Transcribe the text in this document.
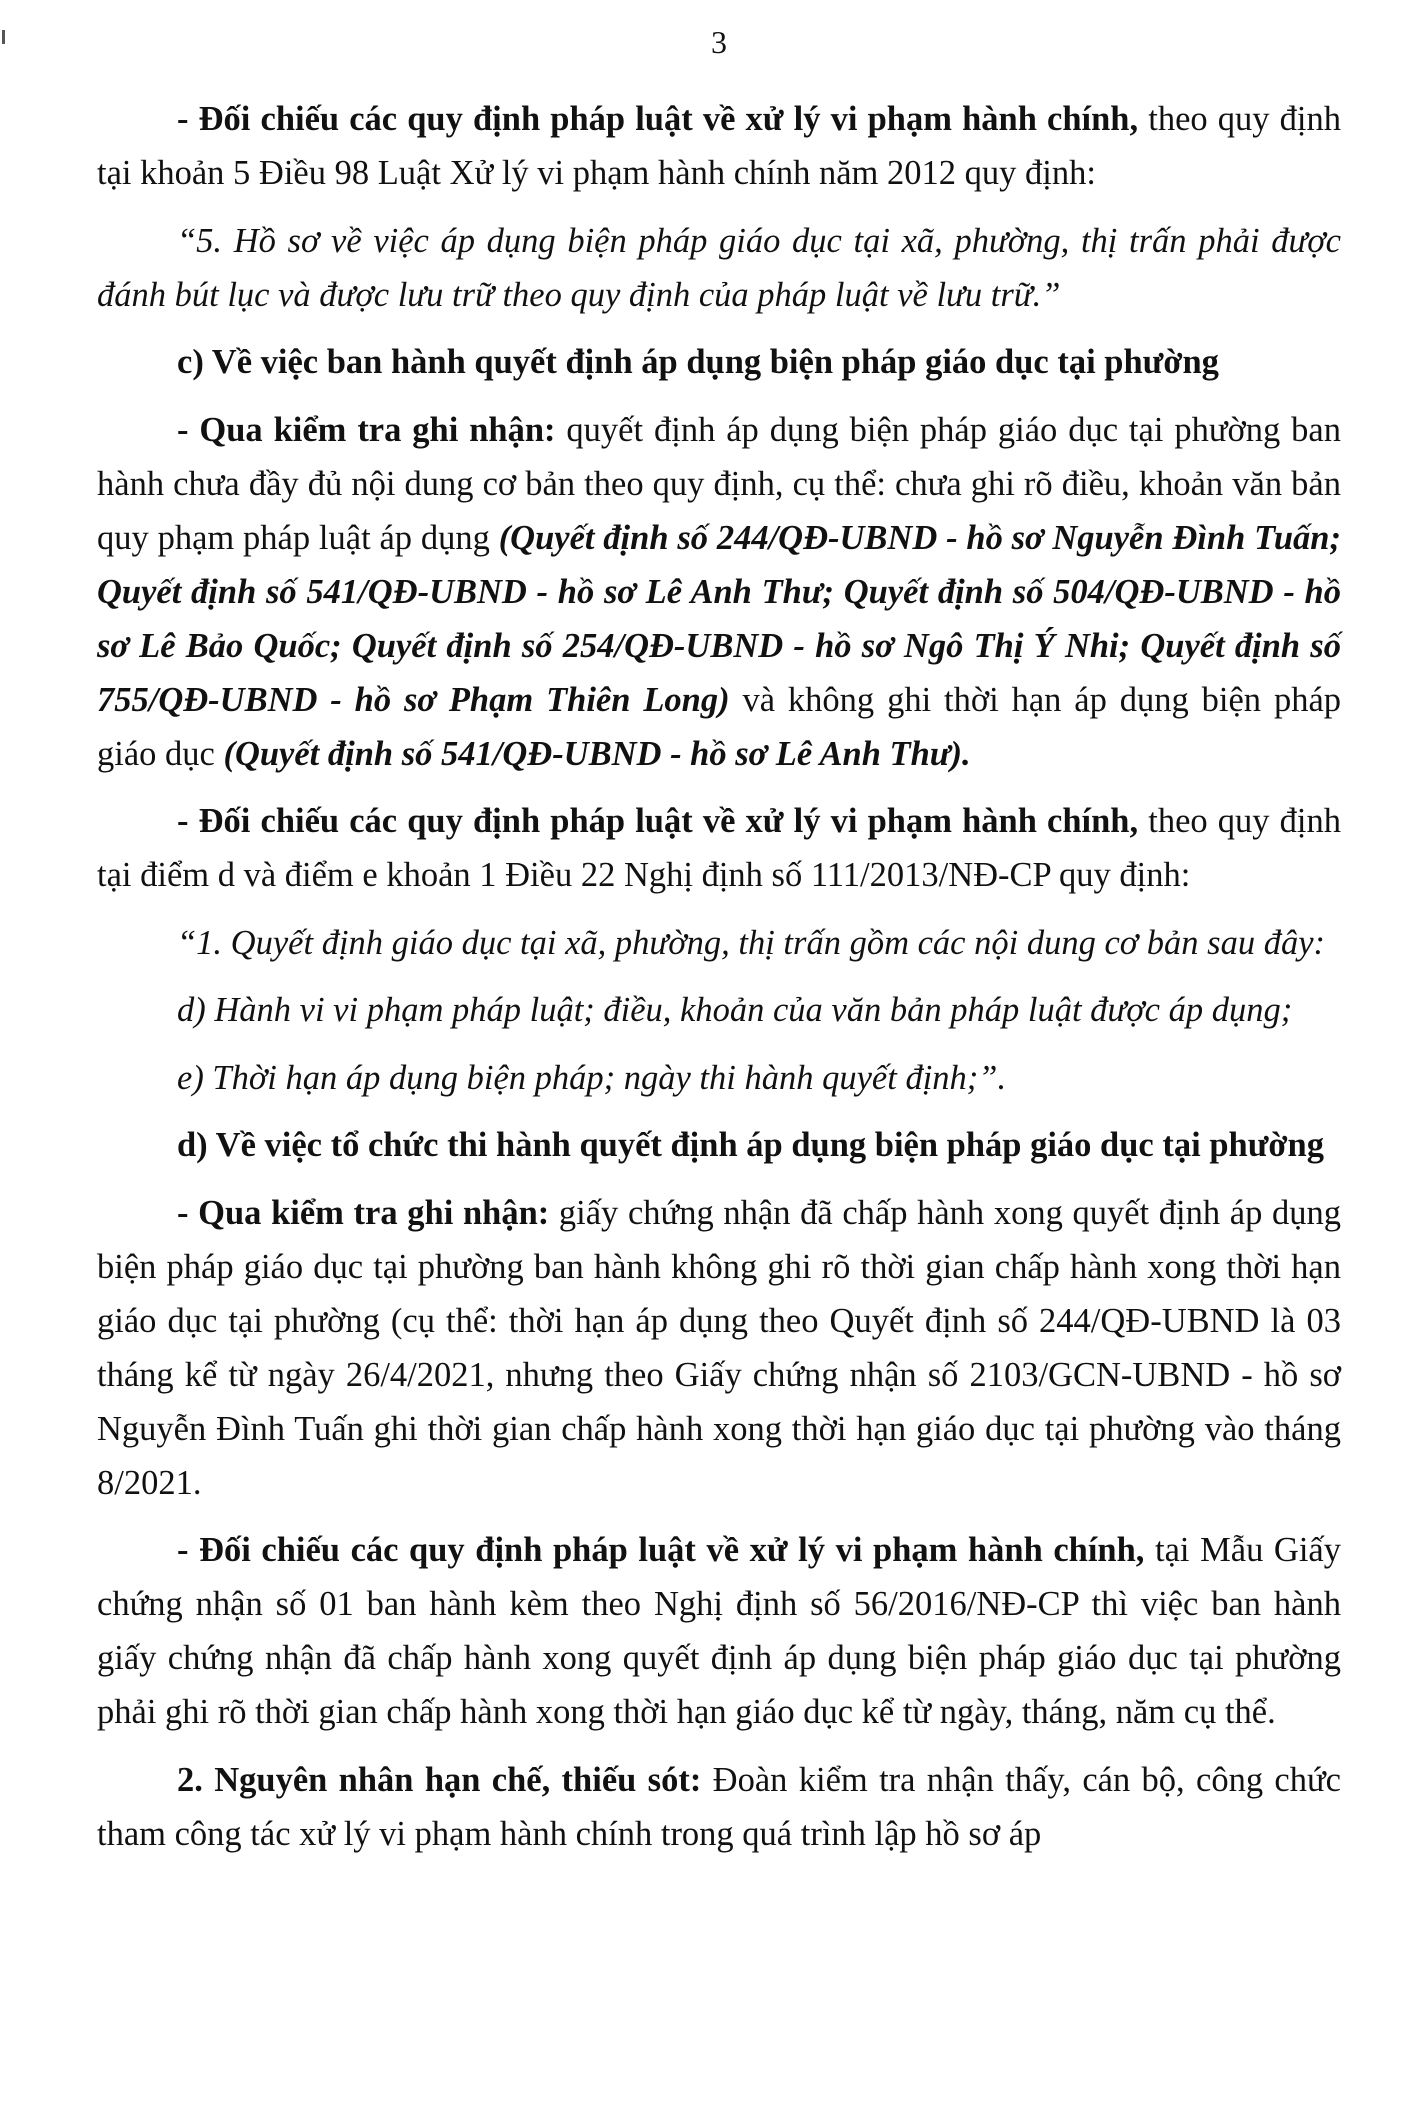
3

- Đối chiếu các quy định pháp luật về xử lý vi phạm hành chính, theo quy định tại khoản 5 Điều 98 Luật Xử lý vi phạm hành chính năm 2012 quy định:

“5. Hồ sơ về việc áp dụng biện pháp giáo dục tại xã, phường, thị trấn phải được đánh bút lục và được lưu trữ theo quy định của pháp luật về lưu trữ.”

c) Về việc ban hành quyết định áp dụng biện pháp giáo dục tại phường

- Qua kiểm tra ghi nhận: quyết định áp dụng biện pháp giáo dục tại phường ban hành chưa đầy đủ nội dung cơ bản theo quy định, cụ thể: chưa ghi rõ điều, khoản văn bản quy phạm pháp luật áp dụng (Quyết định số 244/QĐ-UBND - hồ sơ Nguyễn Đình Tuấn; Quyết định số 541/QĐ-UBND - hồ sơ Lê Anh Thư; Quyết định số 504/QĐ-UBND - hồ sơ Lê Bảo Quốc; Quyết định số 254/QĐ-UBND - hồ sơ Ngô Thị Ý Nhi; Quyết định số 755/QĐ-UBND - hồ sơ Phạm Thiên Long) và không ghi thời hạn áp dụng biện pháp giáo dục (Quyết định số 541/QĐ-UBND - hồ sơ Lê Anh Thư).

- Đối chiếu các quy định pháp luật về xử lý vi phạm hành chính, theo quy định tại điểm d và điểm e khoản 1 Điều 22 Nghị định số 111/2013/NĐ-CP quy định:

“1. Quyết định giáo dục tại xã, phường, thị trấn gồm các nội dung cơ bản sau đây:

d) Hành vi vi phạm pháp luật; điều, khoản của văn bản pháp luật được áp dụng;

e) Thời hạn áp dụng biện pháp; ngày thi hành quyết định;”.

d) Về việc tổ chức thi hành quyết định áp dụng biện pháp giáo dục tại phường

- Qua kiểm tra ghi nhận: giấy chứng nhận đã chấp hành xong quyết định áp dụng biện pháp giáo dục tại phường ban hành không ghi rõ thời gian chấp hành xong thời hạn giáo dục tại phường (cụ thể: thời hạn áp dụng theo Quyết định số 244/QĐ-UBND là 03 tháng kể từ ngày 26/4/2021, nhưng theo Giấy chứng nhận số 2103/GCN-UBND - hồ sơ Nguyễn Đình Tuấn ghi thời gian chấp hành xong thời hạn giáo dục tại phường vào tháng 8/2021.

- Đối chiếu các quy định pháp luật về xử lý vi phạm hành chính, tại Mẫu Giấy chứng nhận số 01 ban hành kèm theo Nghị định số 56/2016/NĐ-CP thì việc ban hành giấy chứng nhận đã chấp hành xong quyết định áp dụng biện pháp giáo dục tại phường phải ghi rõ thời gian chấp hành xong thời hạn giáo dục kể từ ngày, tháng, năm cụ thể.

2. Nguyên nhân hạn chế, thiếu sót: Đoàn kiểm tra nhận thấy, cán bộ, công chức tham công tác xử lý vi phạm hành chính trong quá trình lập hồ sơ áp
